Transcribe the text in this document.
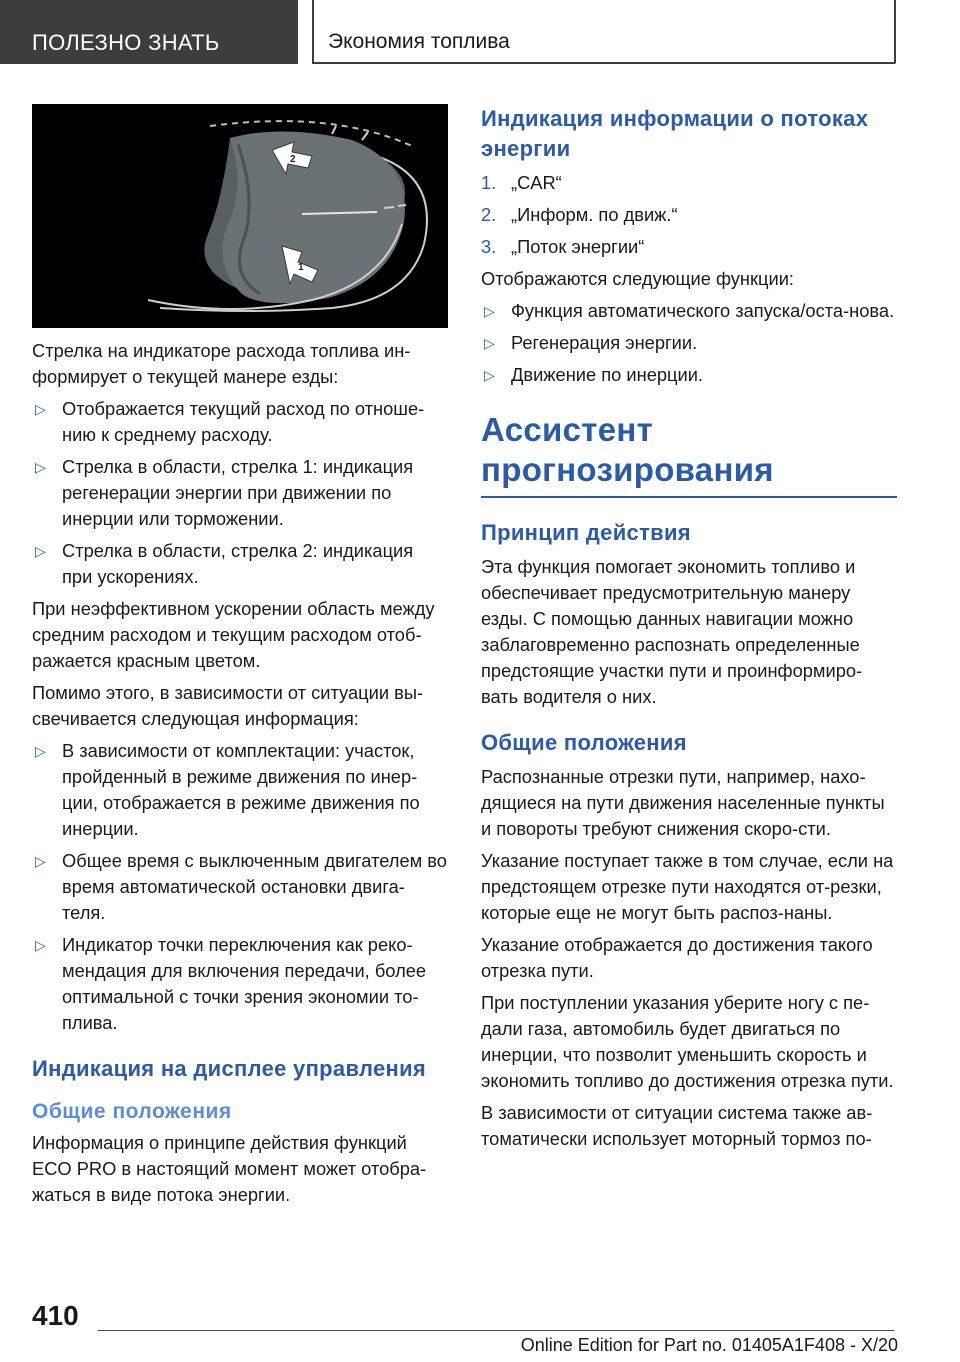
ПОЛЕЗНО ЗНАТЬ	Экономия топлива
2
1

Стрелка на индикаторе расхода топлива ин-формирует о текущей манере езды:

▷ Отображается текущий расход по отноше-нию к среднему расходу.
▷ Стрелка в области, стрелка 1: индикация регенерации энергии при движении по инерции или торможении.
▷ Стрелка в области, стрелка 2: индикация при ускорениях.

При неэффективном ускорении область между средним расходом и текущим расходом отоб-ражается красным цветом.

Помимо этого, в зависимости от ситуации вы-свечивается следующая информация:

▷ В зависимости от комплектации: участок, пройденный в режиме движения по инер-ции, отображается в режиме движения по инерции.
▷ Общее время с выключенным двигателем во время автоматической остановки двига-теля.
▷ Индикатор точки переключения как реко-мендация для включения передачи, более оптимальной с точки зрения экономии то-плива.
Индикация на дисплее управления
Общие положения

Информация о принципе действия функций ECO PRO в настоящий момент может отобра-жаться в виде потока энергии.

Индикация информации о потоках энергии
1. „CAR“
2. „Информ. по движ.“
3. „Поток энергии“

Отображаются следующие функции:

▷ Функция автоматического запуска/оста-нова.
▷ Регенерация энергии.
▷ Движение по инерции.
Ассистент прогнозирования
Принцип действия

Эта функция помогает экономить топливо и обеспечивает предусмотрительную манеру езды. С помощью данных навигации можно заблаговременно распознать определенные предстоящие участки пути и проинформиро-вать водителя о них.

Общие положения

Распознанные отрезки пути, например, нахо-дящиеся на пути движения населенные пункты и повороты требуют снижения скоро-сти.

Указание поступает также в том случае, если на предстоящем отрезке пути находятся от-резки, которые еще не могут быть распоз-наны.

Указание отображается до достижения такого отрезка пути.

При поступлении указания уберите ногу с пе-дали газа, автомобиль будет двигаться по инерции, что позволит уменьшить скорость и экономить топливо до достижения отрезка пути.

В зависимости от ситуации система также ав-томатически использует моторный тормоз по-

410
Online Edition for Part no. 01405A1F408 - X/20
